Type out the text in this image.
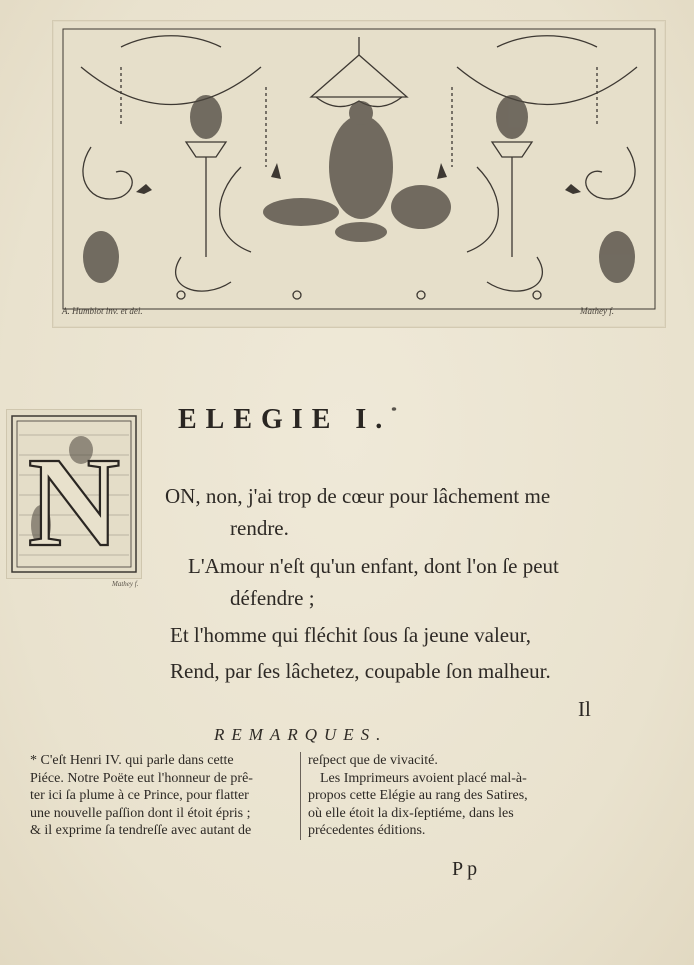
A. Humblot inv. et del.	Mathey f.
N
Mathey f.
ELEGIE I.*
ON, non, j'ai trop de cœur pour lâchement me
rendre.
L'Amour n'eſt qu'un enfant, dont l'on ſe peut
défendre ;
Et l'homme qui fléchit ſous ſa jeune valeur,
Rend, par ſes lâchetez, coupable ſon malheur.
Il
REMARQUES.
* C'eſt Henri IV. qui parle dans cette
Piéce. Notre Poëte eut l'honneur de prê-
ter ici ſa plume à ce Prince, pour flatter
une nouvelle paſſion dont il étoit épris ;
& il exprime ſa tendreſſe avec autant de
reſpect que de vivacité.
Les Imprimeurs avoient placé mal-à-
propos cette Elégie au rang des Satires,
où elle étoit la dix-ſeptiéme, dans les
précedentes éditions.
Pp
